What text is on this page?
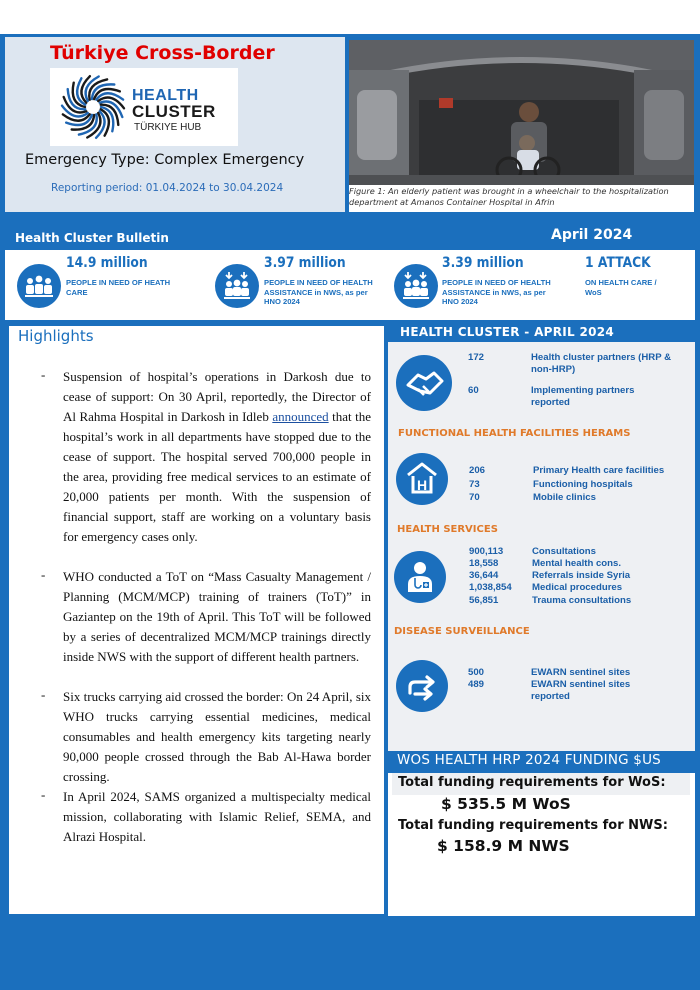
Türkiye Cross-Border
HEALTH
CLUSTER
TÜRKIYE HUB
Emergency Type: Complex Emergency
Reporting period: 01.04.2024 to 30.04.2024	Figure 1: An elderly patient was brought in a wheelchair to the hospitalization department at Amanos Container Hospital in Afrin
Health Cluster Bulletin	April 2024
14.9 million
PEOPLE IN NEED OF HEATH CARE
3.97 million
PEOPLE IN NEED OF HEALTH ASSISTANCE in NWS, as per HNO 2024
3.39 million
PEOPLE IN NEED OF HEALTH ASSISTANCE in NWS, as per HNO 2024
1 ATTACK
ON HEALTH CARE / WoS
Highlights
- Suspension of hospital’s operations in Darkosh due to cease of support: On 30 April, reportedly, the Director of Al Rahma Hospital in Darkosh in Idleb announced that the hospital’s work in all departments have stopped due to the cease of support. The hospital served 700,000 people in the area, providing free medical services to an estimate of 20,000 patients per month. With the suspension of financial support, staff are working on a voluntary basis for emergency cases only.
- WHO conducted a ToT on “Mass Casualty Management / Planning (MCM/MCP) training of trainers (ToT)” in Gaziantep on the 19th of April. This ToT will be followed by a series of decentralized MCM/MCP trainings directly inside NWS with the support of different health partners.
- Six trucks carrying aid crossed the border: On 24 April, six WHO trucks carrying essential medicines, medical consumables and health emergency kits targeting nearly 90,000 people crossed through the Bab Al-Hawa border crossing.
- In April 2024, SAMS organized a multispecialty medical mission, collaborating with Islamic Relief, SEMA, and Alrazi Hospital.
HEALTH CLUSTER - APRIL 2024
172	Health cluster partners (HRP & non-HRP)
60	Implementing partners reported
FUNCTIONAL HEALTH FACILITIES HERAMS
H
206	Primary Health care facilities
73	Functioning hospitals
70	Mobile clinics
HEALTH SERVICES
900,113	Consultations
18,558	Mental health cons.
36,644	Referrals inside Syria
1,038,854 Medical procedures
56,851	Trauma consultations
DISEASE SURVEILLANCE
500	EWARN sentinel sites
489	EWARN sentinel sites reported
WOS HEALTH HRP 2024 FUNDING $US
Total funding requirements for WoS:
$ 535.5 M WoS
Total funding requirements for NWS:
$ 158.9 M NWS
